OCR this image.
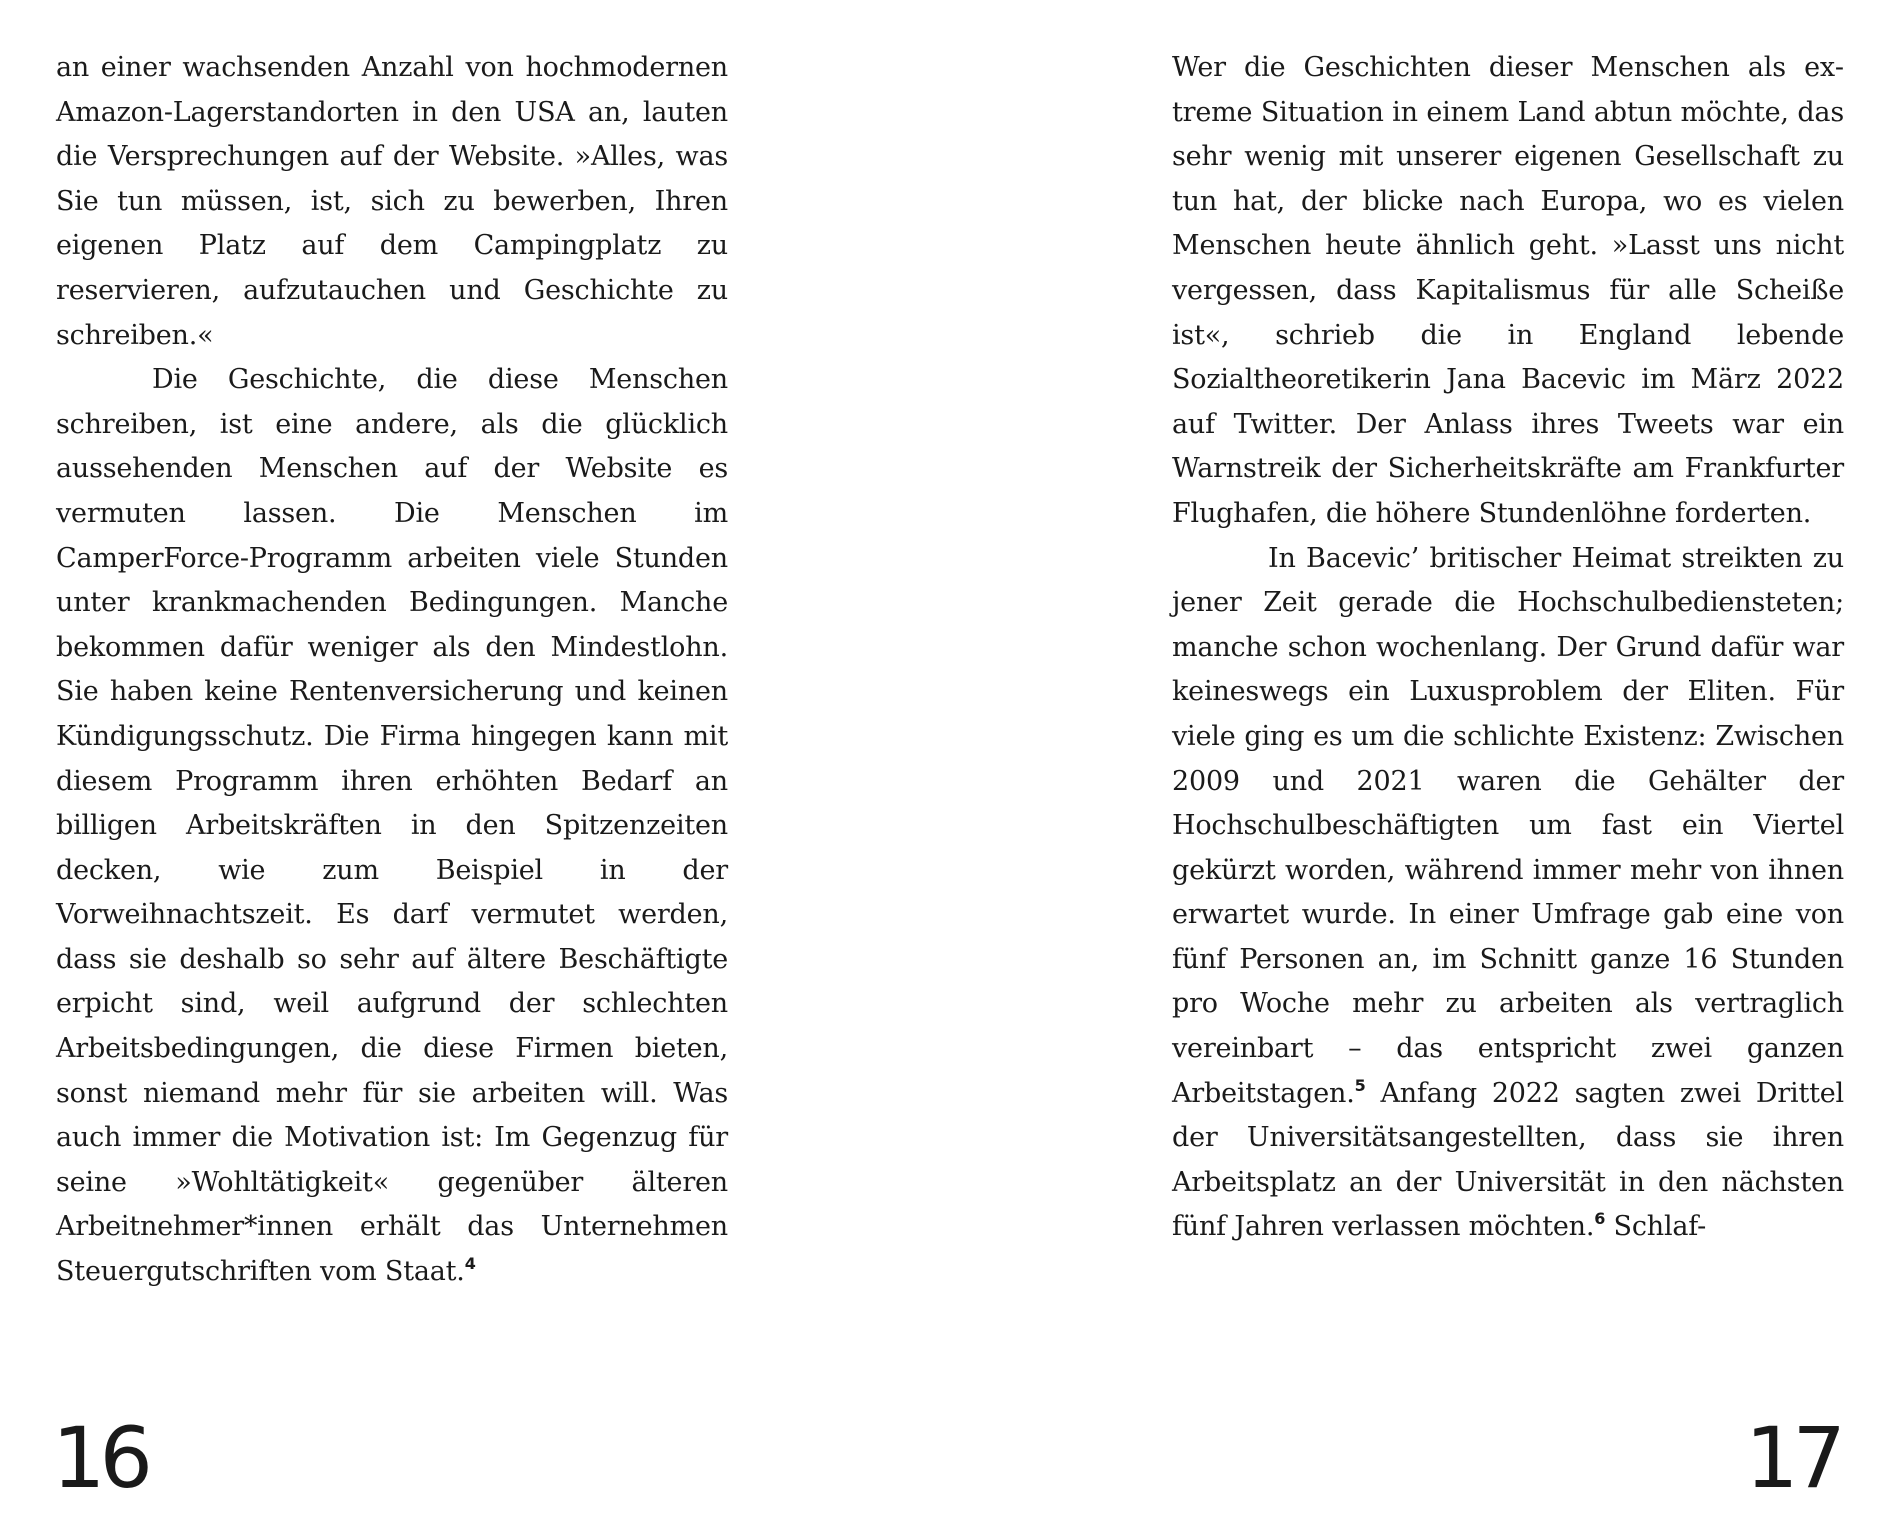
an einer wachsenden Anzahl von hochmodernen Amazon-Lagerstandorten in den USA an, lauten die Versprechungen auf der Website. »Alles, was Sie tun müssen, ist, sich zu bewerben, Ihren eigenen Platz auf dem Campingplatz zu reservieren, aufzutauchen und Geschichte zu schreiben.«

Die Geschichte, die diese Menschen schreiben, ist eine andere, als die glücklich aussehenden Menschen auf der Website es vermuten lassen. Die Menschen im CamperForce-Programm arbeiten viele Stunden unter krankmachenden Bedingungen. Manche bekommen dafür weniger als den Mindestlohn. Sie haben keine Rentenversicherung und keinen Kündigungsschutz. Die Firma hingegen kann mit diesem Programm ihren erhöhten Bedarf an billigen Arbeitskräften in den Spitzenzeiten decken, wie zum Beispiel in der Vorweihnachtszeit. Es darf vermutet werden, dass sie deshalb so sehr auf ältere Beschäftigte erpicht sind, weil aufgrund der schlechten Arbeitsbedingungen, die diese Firmen bieten, sonst niemand mehr für sie arbeiten will. Was auch immer die Motivation ist: Im Gegenzug für seine »Wohltätigkeit« gegenüber älteren Arbeitnehmer*innen erhält das Unternehmen Steuergutschriften vom Staat.$^4$

16

Wer die Geschichten dieser Menschen als extreme Situation in einem Land abtun möchte, das sehr wenig mit unserer eigenen Gesellschaft zu tun hat, der blicke nach Europa, wo es vielen Menschen heute ähnlich geht. »Lasst uns nicht vergessen, dass Kapitalismus für alle Scheiße ist«, schrieb die in England lebende Sozialtheoretikerin Jana Bacevic im März 2022 auf Twitter. Der Anlass ihres Tweets war ein Warnstreik der Sicherheitskräfte am Frankfurter Flughafen, die höhere Stundenlöhne forderten.

In Bacevic’ britischer Heimat streikten zu jener Zeit gerade die Hochschulbediensteten; manche schon wochenlang. Der Grund dafür war keineswegs ein Luxusproblem der Eliten. Für viele ging es um die schlichte Existenz: Zwischen 2009 und 2021 waren die Gehälter der Hochschulbeschäftigten um fast ein Viertel gekürzt worden, während immer mehr von ihnen erwartet wurde. In einer Umfrage gab eine von fünf Personen an, im Schnitt ganze 16 Stunden pro Woche mehr zu arbeiten als vertraglich vereinbart – das entspricht zwei ganzen Arbeitstagen.$^5$ Anfang 2022 sagten zwei Drittel der Universitätsangestellten, dass sie ihren Arbeitsplatz an der Universität in den nächsten fünf Jahren verlassen möchten.$^6$ Schlaf-

17
